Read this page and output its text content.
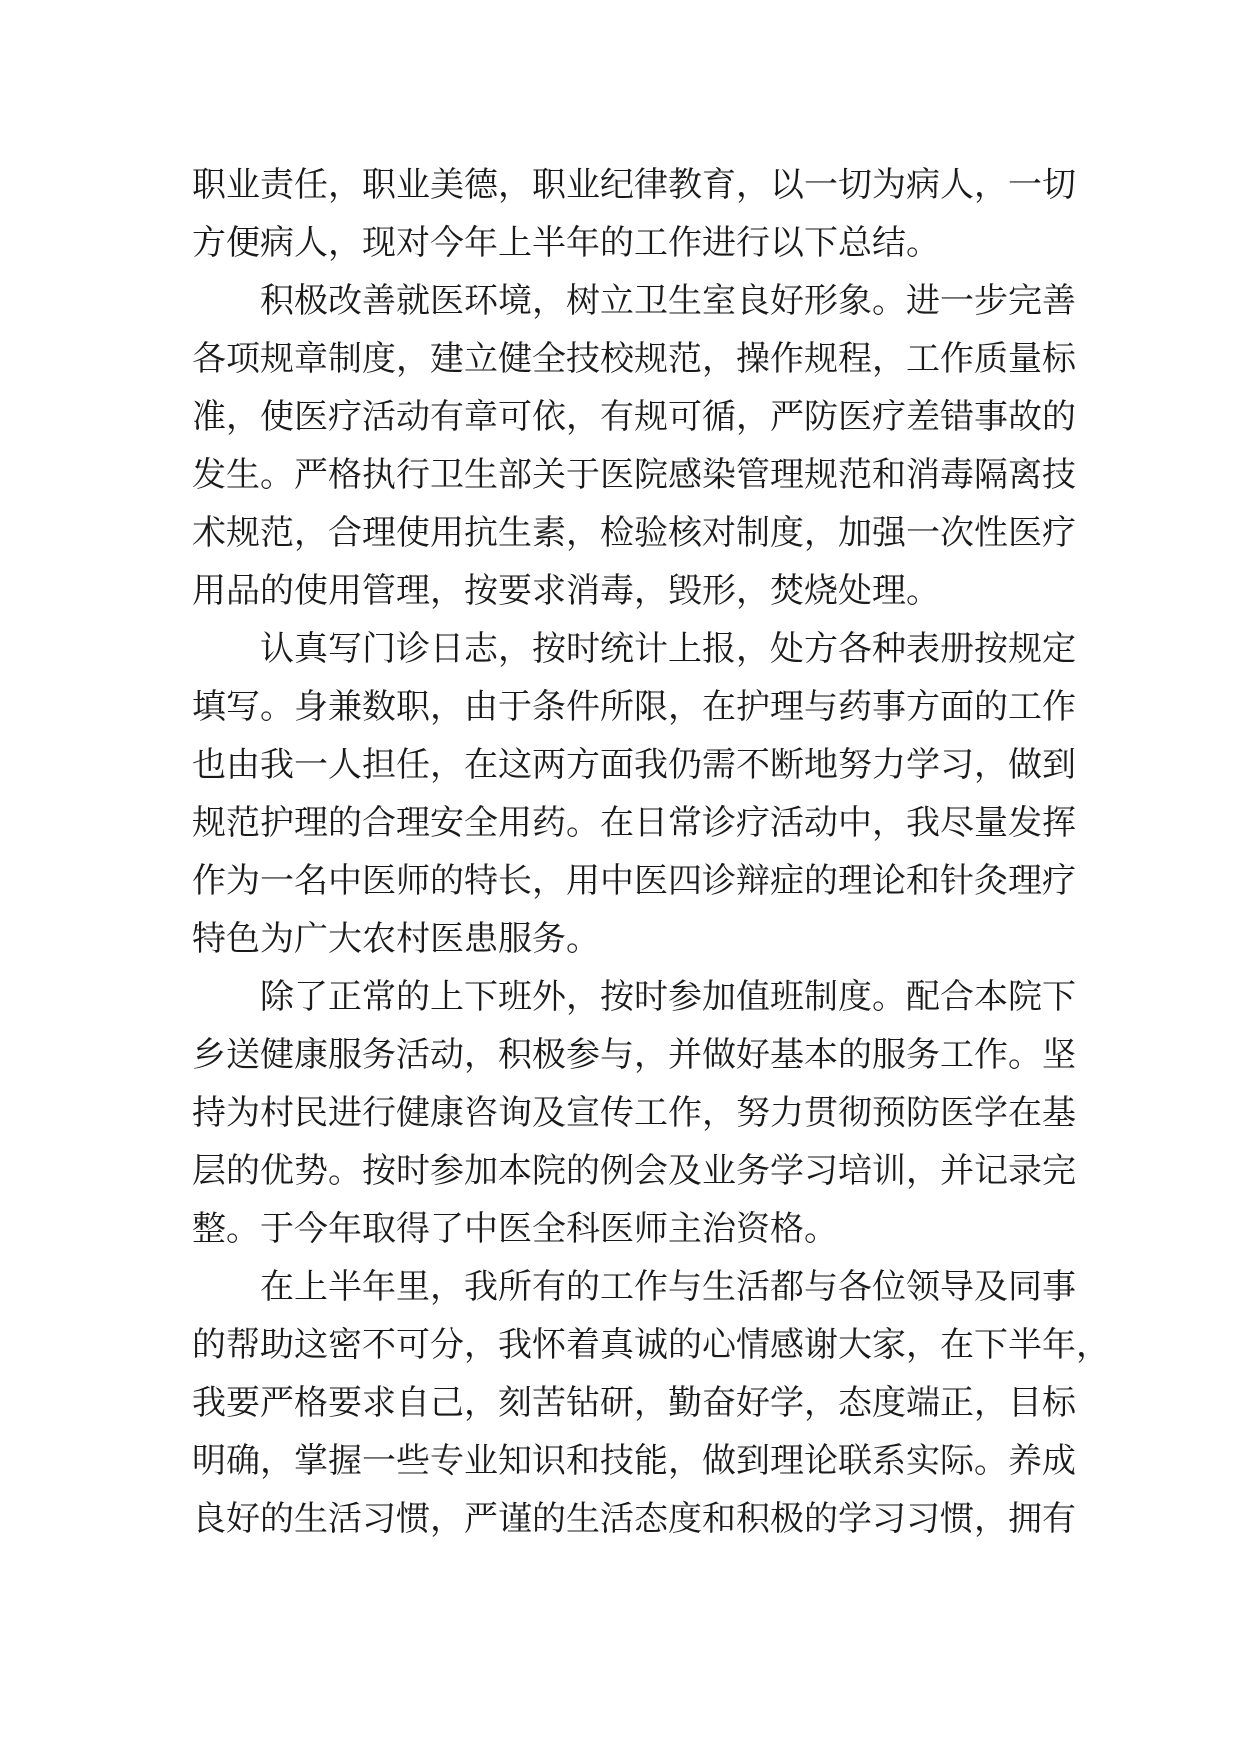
职业责任，职业美德，职业纪律教育，以一切为病人，一切
方便病人，现对今年上半年的工作进行以下总结。
积极改善就医环境，树立卫生室良好形象。进一步完善
各项规章制度，建立健全技校规范，操作规程，工作质量标
准，使医疗活动有章可依，有规可循，严防医疗差错事故的
发生。严格执行卫生部关于医院感染管理规范和消毒隔离技
术规范，合理使用抗生素，检验核对制度，加强一次性医疗
用品的使用管理，按要求消毒，毁形，焚烧处理。
认真写门诊日志，按时统计上报，处方各种表册按规定
填写。身兼数职，由于条件所限，在护理与药事方面的工作
也由我一人担任，在这两方面我仍需不断地努力学习，做到
规范护理的合理安全用药。在日常诊疗活动中，我尽量发挥
作为一名中医师的特长，用中医四诊辩症的理论和针灸理疗
特色为广大农村医患服务。
除了正常的上下班外，按时参加值班制度。配合本院下
乡送健康服务活动，积极参与，并做好基本的服务工作。坚
持为村民进行健康咨询及宣传工作，努力贯彻预防医学在基
层的优势。按时参加本院的例会及业务学习培训，并记录完
整。于今年取得了中医全科医师主治资格。
在上半年里，我所有的工作与生活都与各位领导及同事
的帮助这密不可分，我怀着真诚的心情感谢大家，在下半年，
我要严格要求自己，刻苦钻研，勤奋好学，态度端正，目标
明确，掌握一些专业知识和技能，做到理论联系实际。养成
良好的生活习惯，严谨的生活态度和积极的学习习惯，拥有
